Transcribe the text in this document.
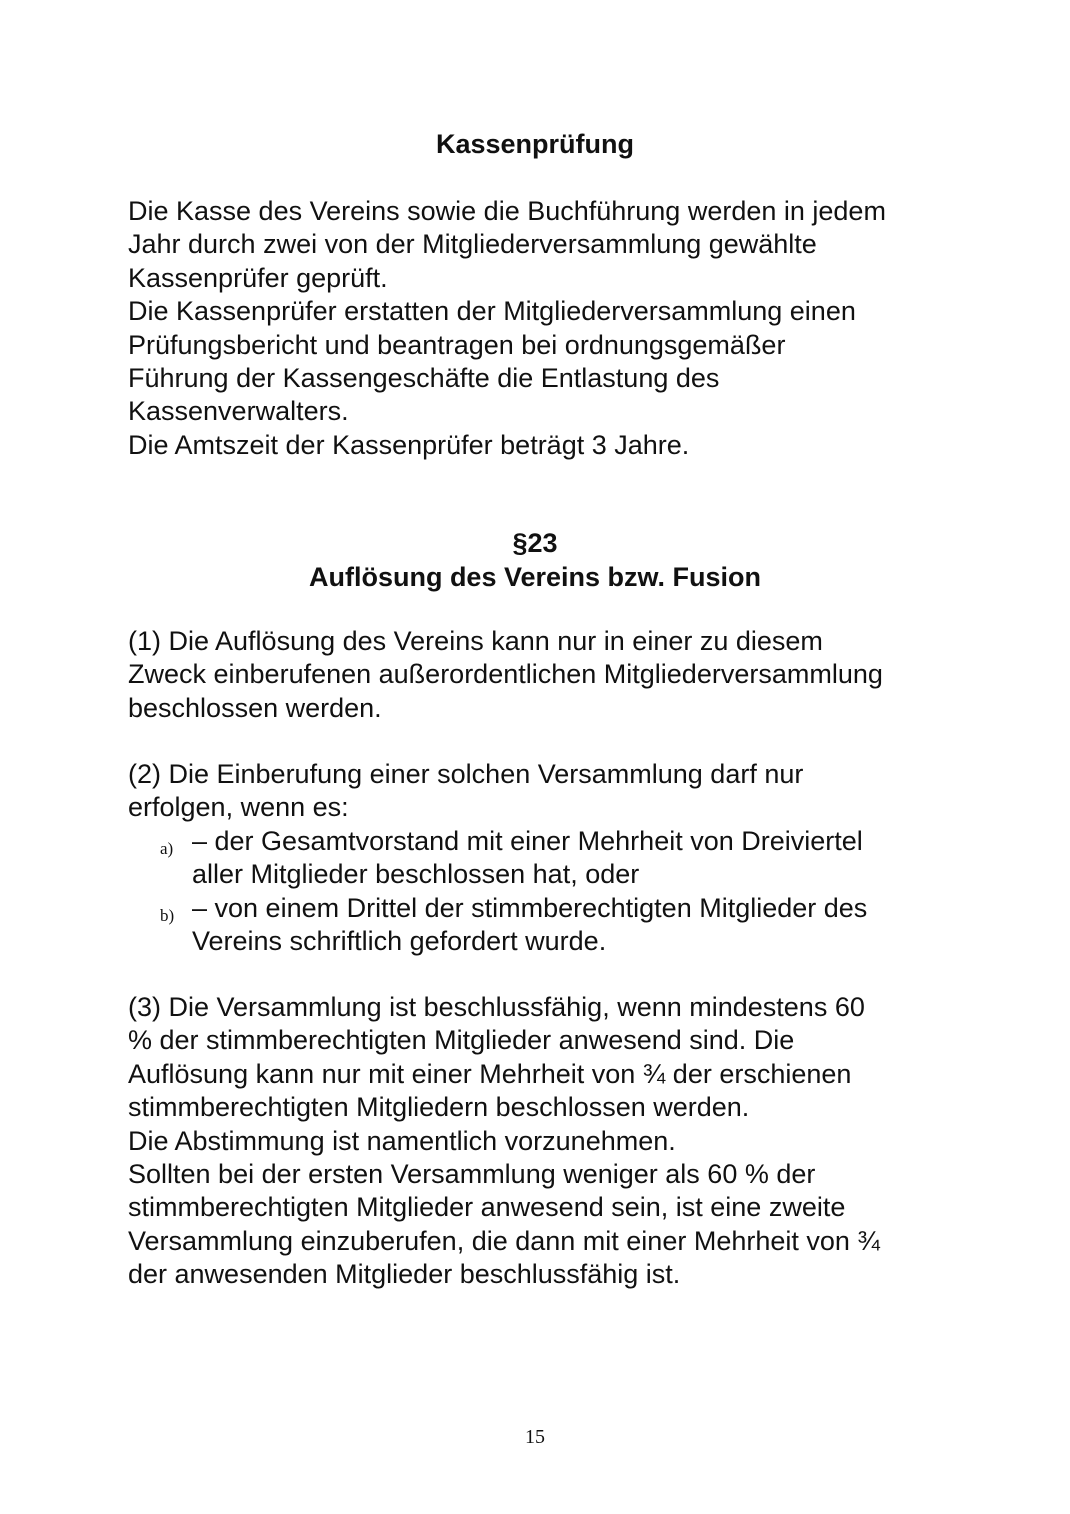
Kassenprüfung
Die Kasse des Vereins sowie die Buchführung werden in jedem
Jahr durch zwei von der Mitgliederversammlung gewählte
Kassenprüfer geprüft.
Die Kassenprüfer erstatten der Mitgliederversammlung einen
Prüfungsbericht und beantragen bei ordnungsgemäßer
Führung der Kassengeschäfte die Entlastung des
Kassenverwalters.
Die Amtszeit der Kassenprüfer beträgt 3 Jahre.
§23
Auflösung des Vereins bzw. Fusion
(1) Die Auflösung des Vereins kann nur in einer zu diesem
Zweck einberufenen außerordentlichen Mitgliederversammlung
beschlossen werden.
(2) Die Einberufung einer solchen Versammlung darf nur
erfolgen, wenn es:
a) – der Gesamtvorstand mit einer Mehrheit von Dreiviertel
aller Mitglieder beschlossen hat, oder
b) – von einem Drittel der stimmberechtigten Mitglieder des
Vereins schriftlich gefordert wurde.
(3) Die Versammlung ist beschlussfähig, wenn mindestens 60
% der stimmberechtigten Mitglieder anwesend sind. Die
Auflösung kann nur mit einer Mehrheit von ¾ der erschienen
stimmberechtigten Mitgliedern beschlossen werden.
Die Abstimmung ist namentlich vorzunehmen.
Sollten bei der ersten Versammlung weniger als 60 % der
stimmberechtigten Mitglieder anwesend sein, ist eine zweite
Versammlung einzuberufen, die dann mit einer Mehrheit von ¾
der anwesenden Mitglieder beschlussfähig ist.
15
